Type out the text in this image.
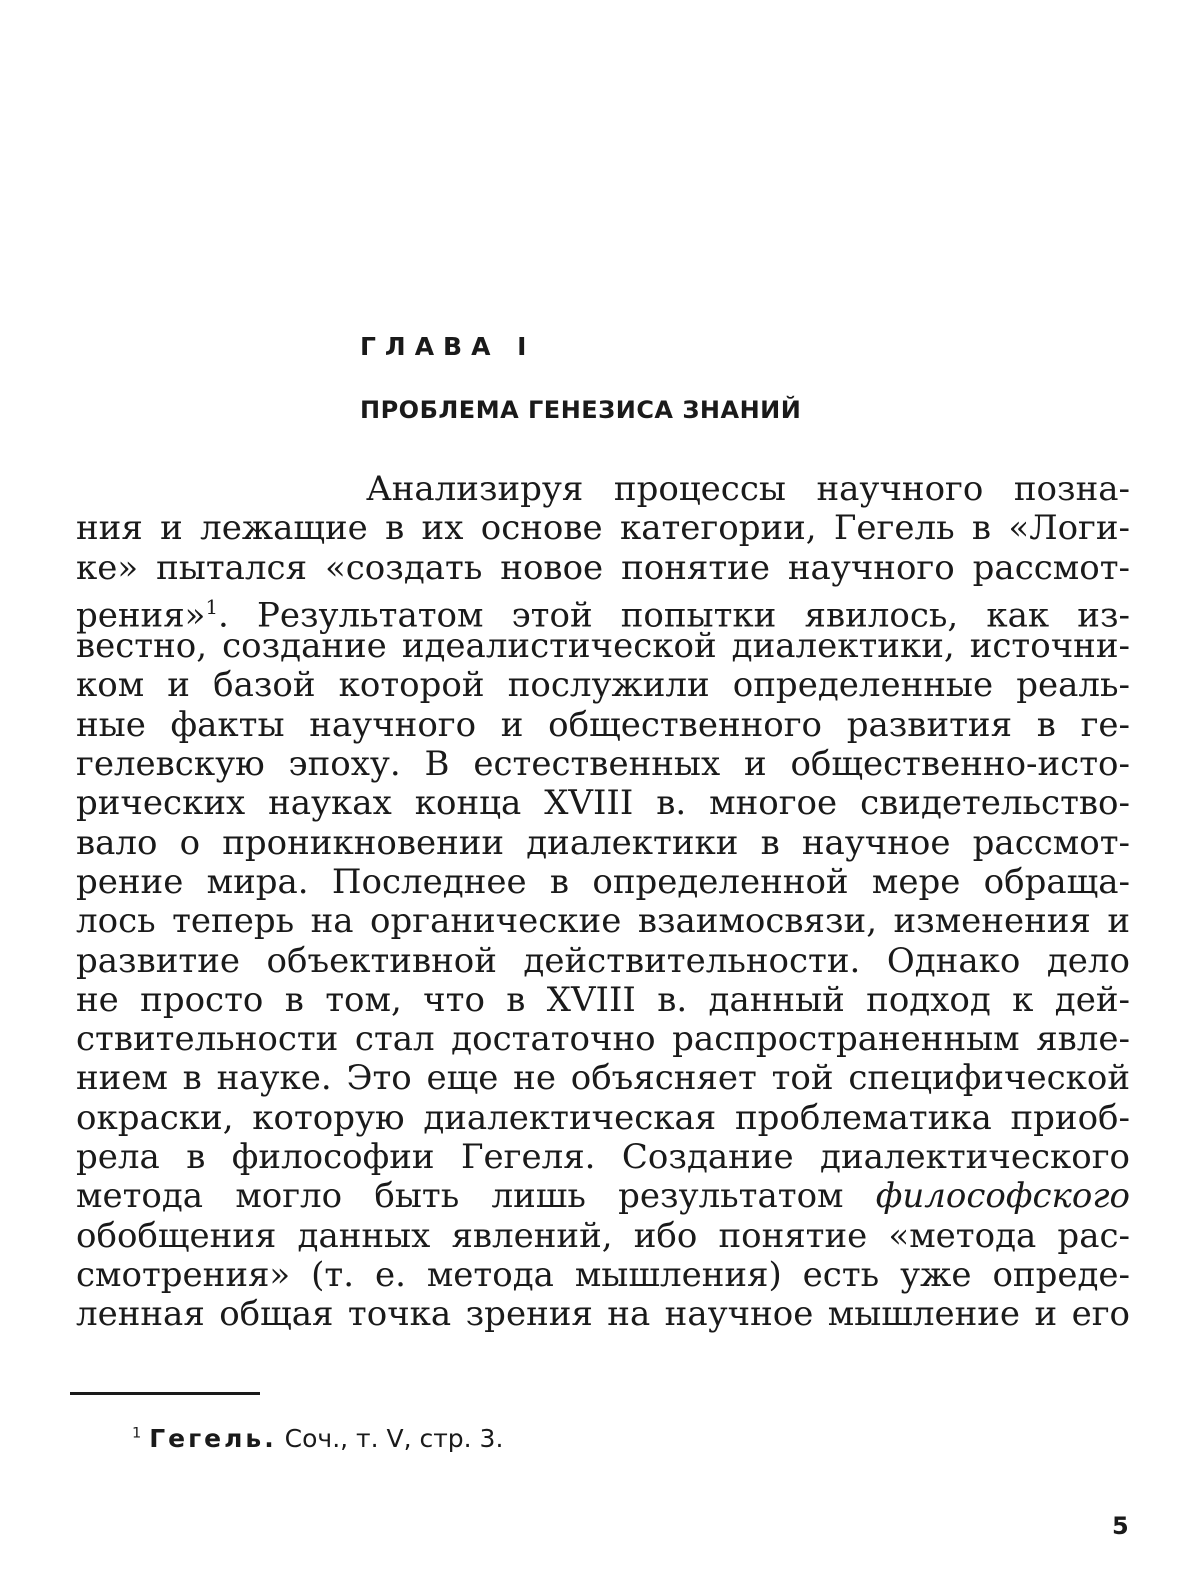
ГЛАВА I
ПРОБЛЕМА ГЕНЕЗИСА ЗНАНИЙ
Анализируя процессы научного позна-
ния и лежащие в их основе категории, Гегель в «Логи-
ке» пытался «создать новое понятие научного рассмот-
рения»$^1$. Результатом этой попытки явилось, как из-
вестно, создание идеалистической диалектики, источни-
ком и базой которой послужили определенные реаль-
ные факты научного и общественного развития в ге-
гелевскую эпоху. В естественных и общественно-исто-
рических науках конца XVIII в. многое свидетельство-
вало о проникновении диалектики в научное рассмот-
рение мира. Последнее в определенной мере обраща-
лось теперь на органические взаимосвязи, изменения и
развитие объективной действительности. Однако дело
не просто в том, что в XVIII в. данный подход к дей-
ствительности стал достаточно распространенным явле-
нием в науке. Это еще не объясняет той специфической
окраски, которую диалектическая проблематика приоб-
рела в философии Гегеля. Создание диалектического
метода могло быть лишь результатом философского
обобщения данных явлений, ибо понятие «метода рас-
смотрения» (т. е. метода мышления) есть уже опреде-
ленная общая точка зрения на научное мышление и его
$^1$ Гегель. Соч., т. V, стр. 3.
5
